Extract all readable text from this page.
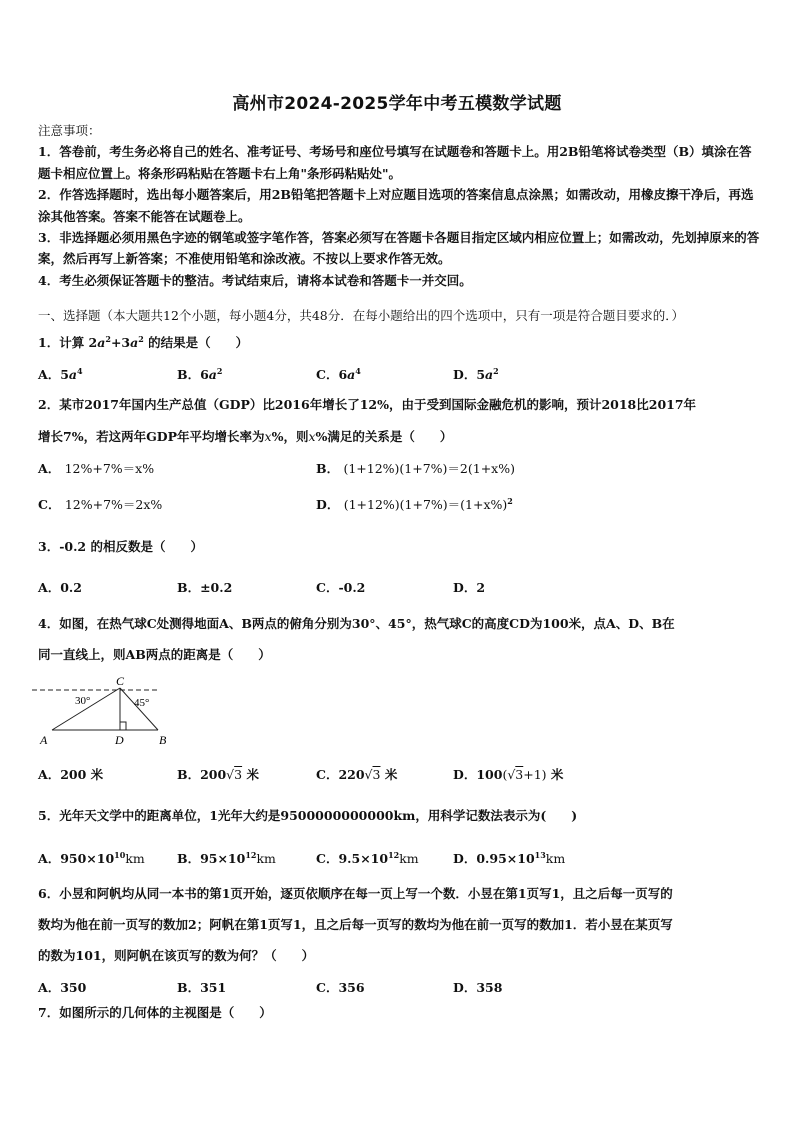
高州市2024-2025学年中考五模数学试题

注意事项：

1．答卷前，考生务必将自己的姓名、准考证号、考场号和座位号填写在试题卷和答题卡上。用2B铅笔将试卷类型（B）填涂在答题卡相应位置上。将条形码粘贴在答题卡右上角"条形码粘贴处"。

2．作答选择题时，选出每小题答案后，用2B铅笔把答题卡上对应题目选项的答案信息点涂黑；如需改动，用橡皮擦干净后，再选涂其他答案。答案不能答在试题卷上。

3．非选择题必须用黑色字迹的钢笔或签字笔作答，答案必须写在答题卡各题目指定区域内相应位置上；如需改动，先划掉原来的答案，然后再写上新答案；不准使用铅笔和涂改液。不按以上要求作答无效。

4．考生必须保证答题卡的整洁。考试结束后，请将本试卷和答题卡一并交回。

一、选择题（本大题共12个小题，每小题4分，共48分．在每小题给出的四个选项中，只有一项是符合题目要求的．）
1．计算 $2a^2+3a^2$ 的结果是（　　）
A．$5a^4$	B．$6a^2$	C．$6a^4$	D．$5a^2$
2．某市2017年国内生产总值（GDP）比2016年增长了12%，由于受到国际金融危机的影响，预计2018比2017年
增长7%，若这两年GDP年平均增长率为x%，则x%满足的关系是（　　）
A． 12%+7%＝x%	B． (1+12%)(1+7%)＝2(1+x%)
C． 12%+7%＝2x%	D． $(1+12\%)(1+7\%)=(1+x\%)^2$
3．-0.2 的相反数是（　　）
A．0.2	B．±0.2	C．-0.2	D．2
4．如图，在热气球C处测得地面A、B两点的俯角分别为30°、45°，热气球C的高度CD为100米，点A、D、B在
同一直线上，则AB两点的距离是（　　）
C
A	D	B
30°	45°
A．200 米	B．200√3 米	C．220√3 米	D．100(√3+1) 米
5．光年天文学中的距离单位，1光年大约是9500000000000km，用科学记数法表示为(　　)
A．$950\times 10^{10}km$	B．$95\times 10^{12}km$	C．$9.5\times 10^{12}km$	D．$0.95\times 10^{13}km$
6．小昱和阿帆均从同一本书的第1页开始，逐页依顺序在每一页上写一个数．小昱在第1页写1，且之后每一页写的
数均为他在前一页写的数加2；阿帆在第1页写1，且之后每一页写的数均为他在前一页写的数加1．若小昱在某页写
的数为101，则阿帆在该页写的数为何？（　　）
A．350	B．351	C．356	D．358
7．如图所示的几何体的主视图是（　　）
